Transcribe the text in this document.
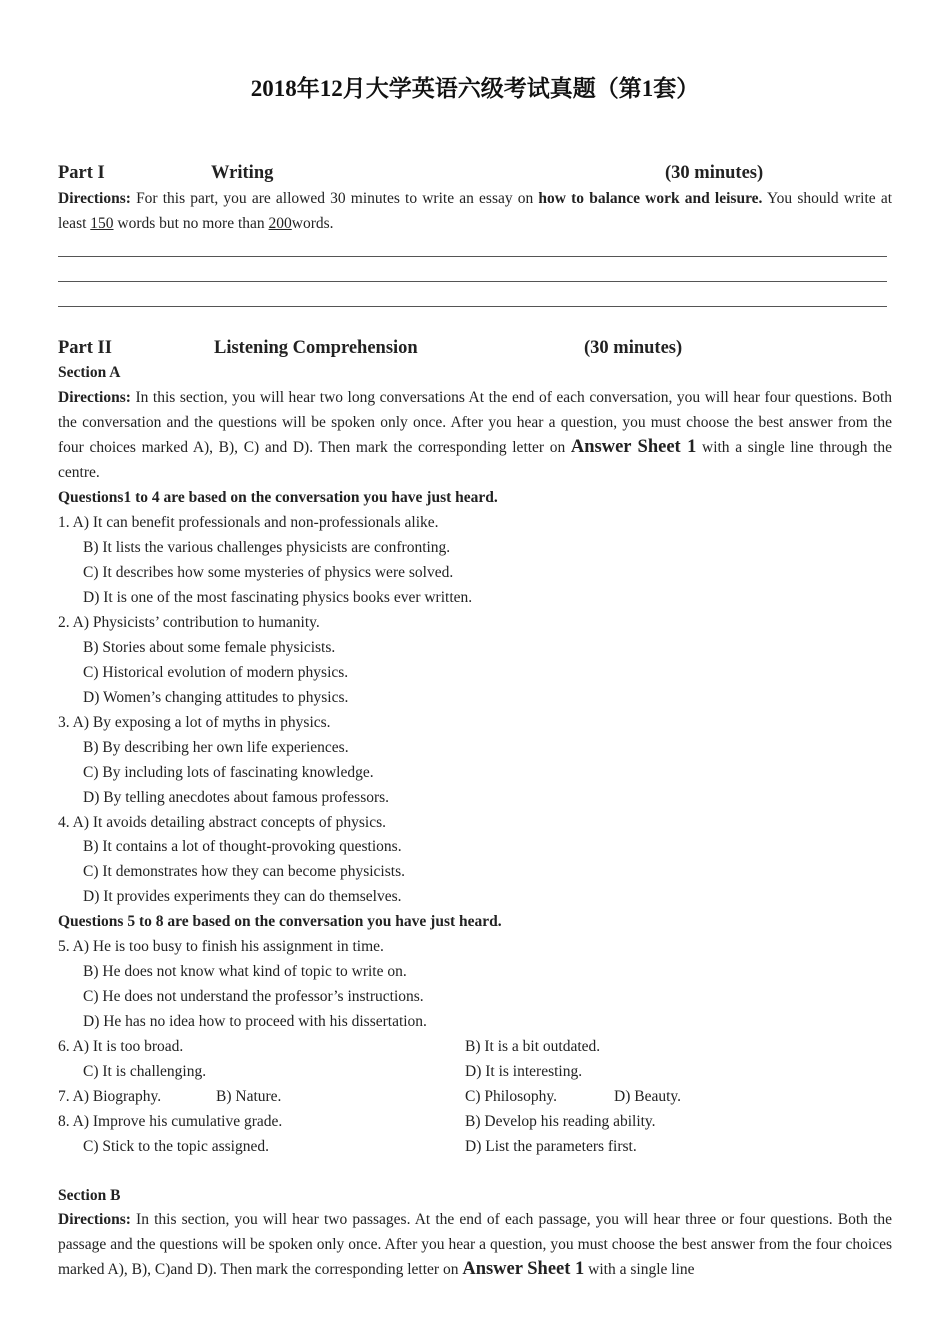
2018年12月大学英语六级考试真题（第1套）
Part I	Writing	(30 minutes)
Directions: For this part, you are allowed 30 minutes to write an essay on how to balance work and leisure. You should write at least 150 words but no more than 200words.
Part II	Listening Comprehension	(30 minutes)
Section A
Directions: In this section, you will hear two long conversations At the end of each conversation, you will hear four questions. Both the conversation and the questions will be spoken only once. After you hear a question, you must choose the best answer from the four choices marked A), B), C) and D). Then mark the corresponding letter on Answer Sheet 1 with a single line through the centre.
Questions1 to 4 are based on the conversation you have just heard.
1. A) It can benefit professionals and non-professionals alike.
B) It lists the various challenges physicists are confronting.
C) It describes how some mysteries of physics were solved.
D) It is one of the most fascinating physics books ever written.
2. A) Physicists’ contribution to humanity.
B) Stories about some female physicists.
C) Historical evolution of modern physics.
D) Women’s changing attitudes to physics.
3. A) By exposing a lot of myths in physics.
B) By describing her own life experiences.
C) By including lots of fascinating knowledge.
D) By telling anecdotes about famous professors.
4. A) It avoids detailing abstract concepts of physics.
B) It contains a lot of thought-provoking questions.
C) It demonstrates how they can become physicists.
D) It provides experiments they can do themselves.
Questions 5 to 8 are based on the conversation you have just heard.
5. A) He is too busy to finish his assignment in time.
B) He does not know what kind of topic to write on.
C) He does not understand the professor’s instructions.
D) He has no idea how to proceed with his dissertation.
6. A) It is too broad.	B) It is a bit outdated.
C) It is challenging.	D) It is interesting.
7. A) Biography.	B) Nature.	C) Philosophy.	D) Beauty.
8. A) Improve his cumulative grade.	B) Develop his reading ability.
C) Stick to the topic assigned.	D) List the parameters first.
Section B
Directions: In this section, you will hear two passages. At the end of each passage, you will hear three or four questions. Both the passage and the questions will be spoken only once. After you hear a question, you must choose the best answer from the four choices marked A), B), C)and D). Then mark the corresponding letter on Answer Sheet 1 with a single line
